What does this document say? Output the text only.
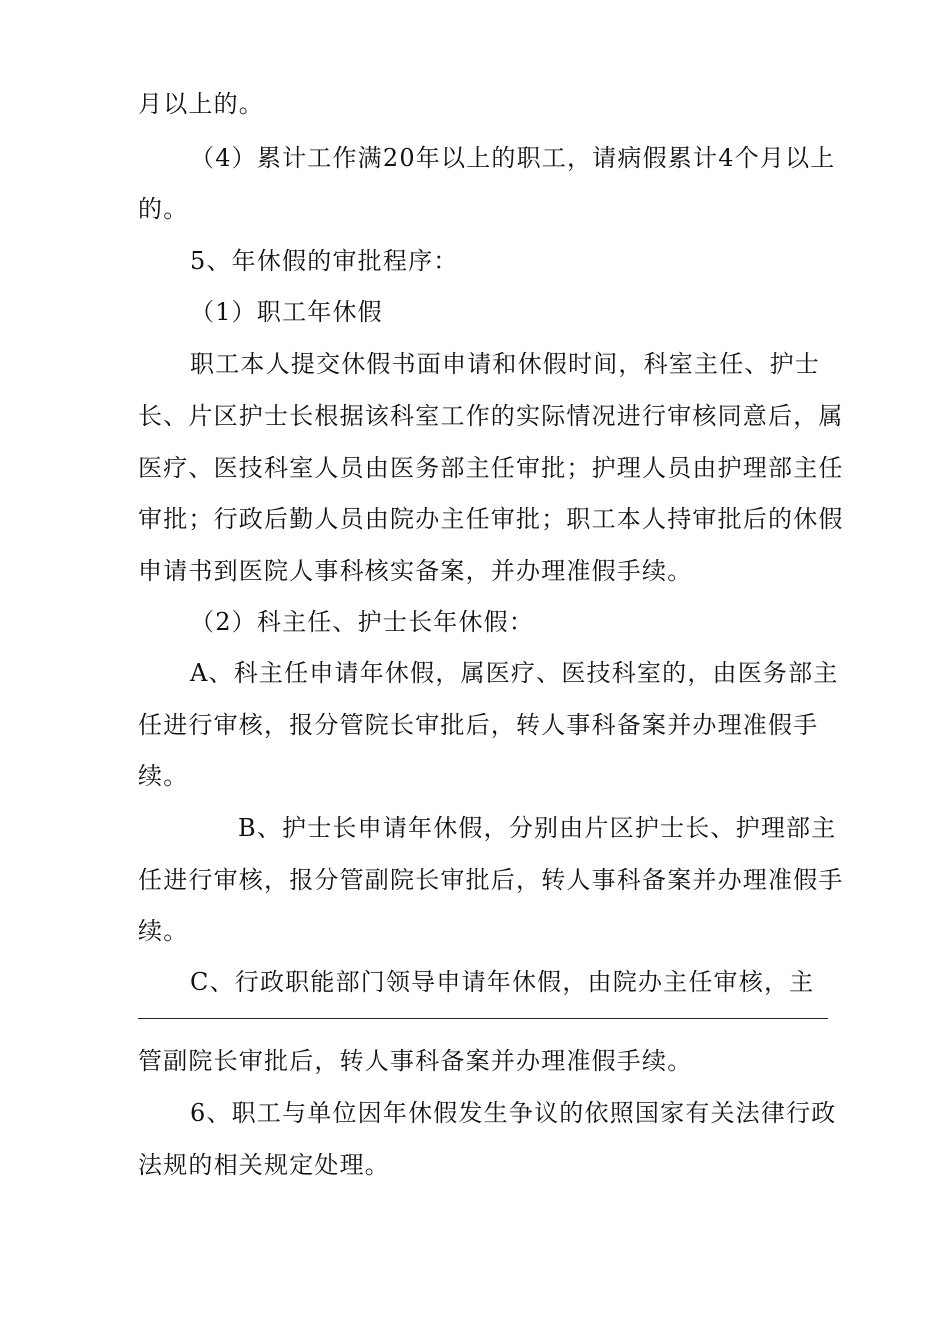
月以上的。
（4）累计工作满20年以上的职工，请病假累计4个月以上
的。
5、年休假的审批程序：
（1）职工年休假
职工本人提交休假书面申请和休假时间，科室主任、护士
长、片区护士长根据该科室工作的实际情况进行审核同意后，属
医疗、医技科室人员由医务部主任审批；护理人员由护理部主任
审批；行政后勤人员由院办主任审批；职工本人持审批后的休假
申请书到医院人事科核实备案，并办理准假手续。
（2）科主任、护士长年休假：
A、科主任申请年休假，属医疗、医技科室的，由医务部主
任进行审核，报分管院长审批后，转人事科备案并办理准假手
续。
B、护士长申请年休假，分别由片区护士长、护理部主
任进行审核，报分管副院长审批后，转人事科备案并办理准假手
续。
C、行政职能部门领导申请年休假，由院办主任审核，主
管副院长审批后，转人事科备案并办理准假手续。
6、职工与单位因年休假发生争议的依照国家有关法律行政
法规的相关规定处理。
